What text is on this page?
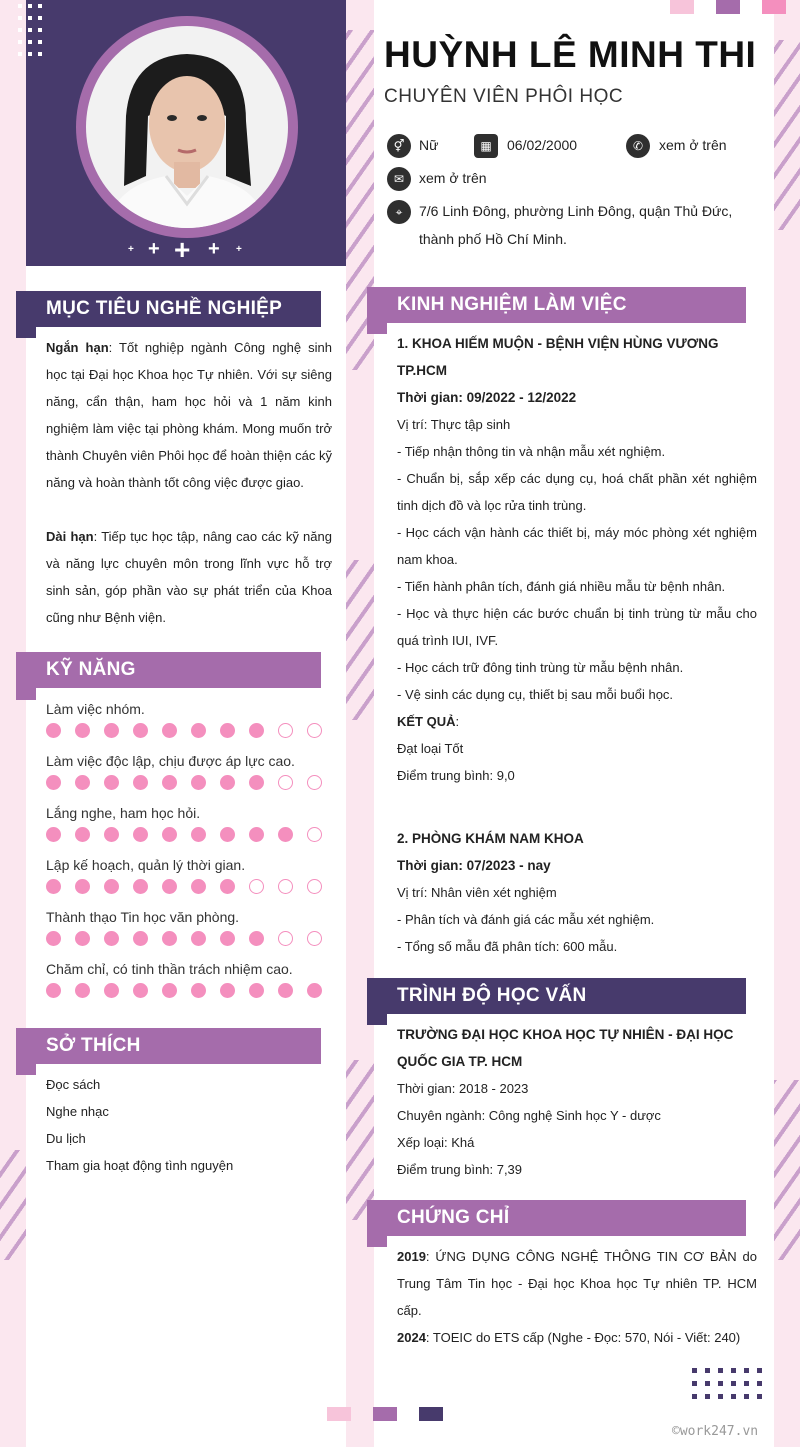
+ + + + +
HUỲNH LÊ MINH THI
CHUYÊN VIÊN PHÔI HỌC
⚥	Nữ	▦	06/02/2000	✆	xem ở trên
✉	xem ở trên
⌖	7/6 Linh Đông, phường Linh Đông, quận Thủ Đức,
thành phố Hồ Chí Minh.
MỤC TIÊU NGHỀ NGHIỆP
Ngắn hạn: Tốt nghiệp ngành Công nghệ sinh học tại Đại học Khoa học Tự nhiên. Với sự siêng năng, cẩn thận, ham học hỏi và 1 năm kinh nghiệm làm việc tại phòng khám. Mong muốn trở thành Chuyên viên Phôi học để hoàn thiện các kỹ năng và hoàn thành tốt công việc được giao.
Dài hạn: Tiếp tục học tập, nâng cao các kỹ năng và năng lực chuyên môn trong lĩnh vực hỗ trợ sinh sản, góp phần vào sự phát triển của Khoa cũng như Bệnh viện.
KỸ NĂNG
Làm việc nhóm.
Làm việc độc lập, chịu được áp lực cao.
Lắng nghe, ham học hỏi.
Lập kế hoạch, quản lý thời gian.
Thành thạo Tin học văn phòng.
Chăm chỉ, có tinh thần trách nhiệm cao.
SỞ THÍCH
Đọc sách
Nghe nhạc
Du lịch
Tham gia hoạt động tình nguyện
KINH NGHIỆM LÀM VIỆC
1. KHOA HIẾM MUỘN - BỆNH VIỆN HÙNG VƯƠNG TP.HCM
Thời gian: 09/2022 - 12/2022
Vị trí: Thực tập sinh
- Tiếp nhận thông tin và nhận mẫu xét nghiệm.
- Chuẩn bị, sắp xếp các dụng cụ, hoá chất phần xét nghiệm tinh dịch đồ và lọc rửa tinh trùng.
- Học cách vận hành các thiết bị, máy móc phòng xét nghiệm nam khoa.
- Tiến hành phân tích, đánh giá nhiều mẫu từ bệnh nhân.
- Học và thực hiện các bước chuẩn bị tinh trùng từ mẫu cho quá trình IUI, IVF.
- Học cách trữ đông tinh trùng từ mẫu bệnh nhân.
- Vệ sinh các dụng cụ, thiết bị sau mỗi buổi học.
KẾT QUẢ:
Đạt loại Tốt
Điểm trung bình: 9,0
2. PHÒNG KHÁM NAM KHOA
Thời gian: 07/2023 - nay
Vị trí: Nhân viên xét nghiệm
- Phân tích và đánh giá các mẫu xét nghiệm.
- Tổng số mẫu đã phân tích: 600 mẫu.
TRÌNH ĐỘ HỌC VẤN
TRƯỜNG ĐẠI HỌC KHOA HỌC TỰ NHIÊN - ĐẠI HỌC QUỐC GIA TP. HCM
Thời gian: 2018 - 2023
Chuyên ngành: Công nghệ Sinh học Y - dược
Xếp loại: Khá
Điểm trung bình: 7,39
CHỨNG CHỈ
2019: ỨNG DỤNG CÔNG NGHỆ THÔNG TIN CƠ BẢN do Trung Tâm Tin học - Đại học Khoa học Tự nhiên TP. HCM cấp.
2024: TOEIC do ETS cấp (Nghe - Đọc: 570, Nói - Viết: 240)
©work247.vn
